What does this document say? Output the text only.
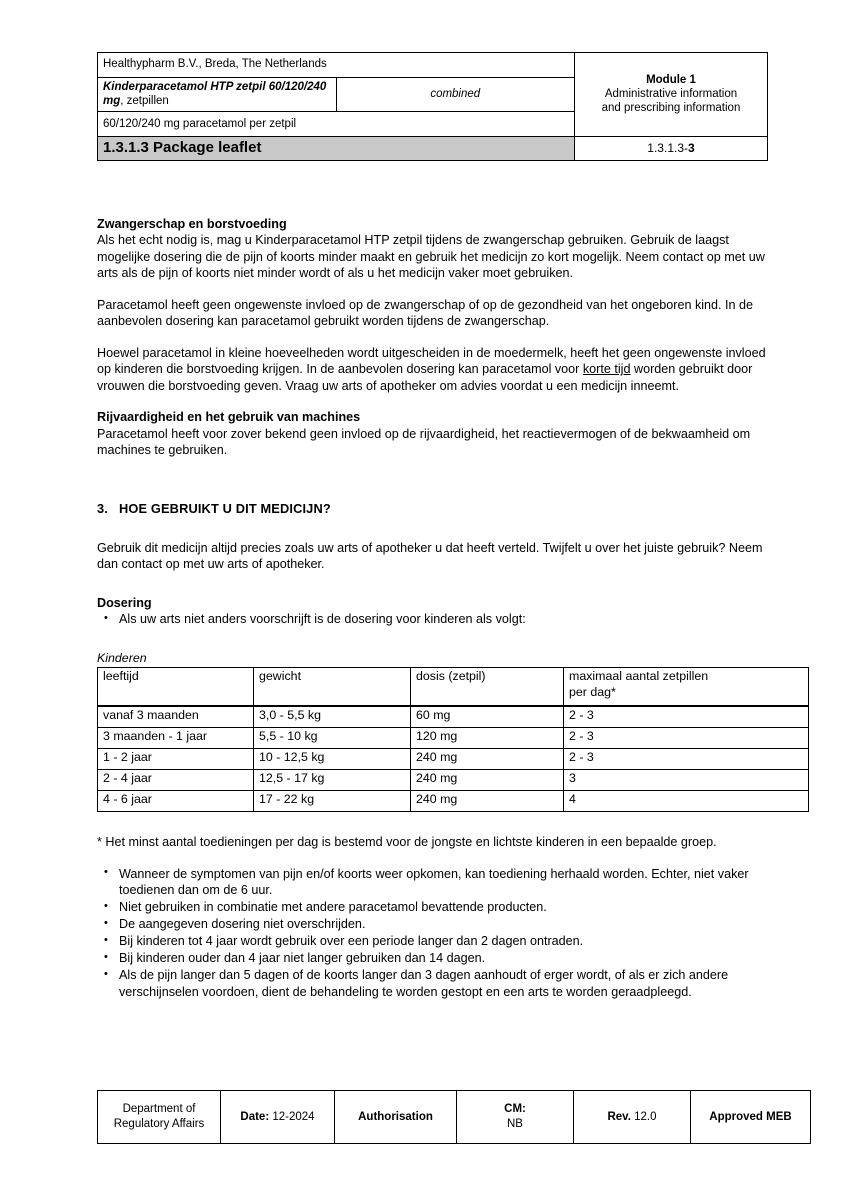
Healthypharm B.V., Breda, The Netherlands		Module 1
Administrative information
and prescribing information
Kinderparacetamol HTP zetpil 60/120/240 mg, zetpillen	combined	
60/120/240 mg paracetamol per zetpil		
1.3.1.3 Package leaflet		1.3.1.3-3

Zwangerschap en borstvoeding

Als het echt nodig is, mag u Kinderparacetamol HTP zetpil tijdens de zwangerschap gebruiken. Gebruik de laagst mogelijke dosering die de pijn of koorts minder maakt en gebruik het medicijn zo kort mogelijk. Neem contact op met uw arts als de pijn of koorts niet minder wordt of als u het medicijn vaker moet gebruiken.

Paracetamol heeft geen ongewenste invloed op de zwangerschap of op de gezondheid van het ongeboren kind. In de aanbevolen dosering kan paracetamol gebruikt worden tijdens de zwangerschap.

Hoewel paracetamol in kleine hoeveelheden wordt uitgescheiden in de moedermelk, heeft het geen ongewenste invloed op kinderen die borstvoeding krijgen. In de aanbevolen dosering kan paracetamol voor korte tijd worden gebruikt door vrouwen die borstvoeding geven. Vraag uw arts of apotheker om advies voordat u een medicijn inneemt.

Rijvaardigheid en het gebruik van machines

Paracetamol heeft voor zover bekend geen invloed op de rijvaardigheid, het reactievermogen of de bekwaamheid om machines te gebruiken.

3. HOE GEBRUIKT U DIT MEDICIJN?

Gebruik dit medicijn altijd precies zoals uw arts of apotheker u dat heeft verteld. Twijfelt u over het juiste gebruik? Neem dan contact op met uw arts of apotheker.

Dosering

• Als uw arts niet anders voorschrijft is de dosering voor kinderen als volgt:

Kinderen

leeftijd	gewicht	dosis (zetpil)	maximaal aantal zetpillen
per dag*
vanaf 3 maanden	3,0 - 5,5 kg	60 mg	2 - 3
3 maanden - 1 jaar	5,5 - 10 kg	120 mg	2 - 3
1 - 2 jaar	10 - 12,5 kg	240 mg	2 - 3
2 - 4 jaar	12,5 - 17 kg	240 mg	3
4 - 6 jaar	17 - 22 kg	240 mg	4

* Het minst aantal toedieningen per dag is bestemd voor de jongste en lichtste kinderen in een bepaalde groep.

• Wanneer de symptomen van pijn en/of koorts weer opkomen, kan toediening herhaald worden. Echter, niet vaker toedienen dan om de 6 uur.
• Niet gebruiken in combinatie met andere paracetamol bevattende producten.
• De aangegeven dosering niet overschrijden.
• Bij kinderen tot 4 jaar wordt gebruik over een periode langer dan 2 dagen ontraden.
• Bij kinderen ouder dan 4 jaar niet langer gebruiken dan 14 dagen.
• Als de pijn langer dan 5 dagen of de koorts langer dan 3 dagen aanhoudt of erger wordt, of als er zich andere verschijnselen voordoen, dient de behandeling te worden gestopt en een arts te worden geraadpleegd.
Department of
Regulatory Affairs	Date: 12-2024	Authorisation	CM:
NB	Rev. 12.0	Approved MEB
